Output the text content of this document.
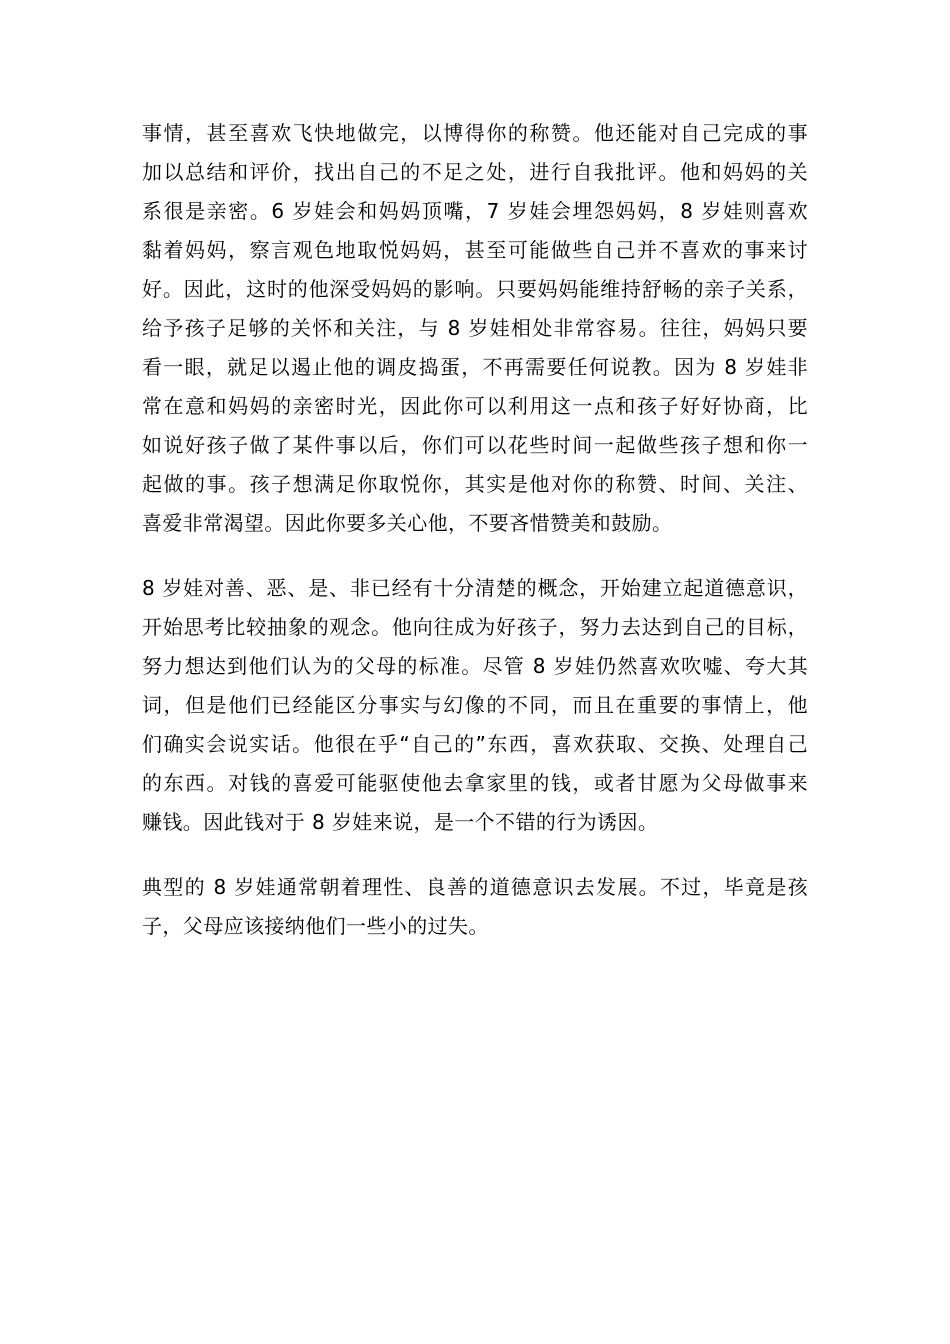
事情，甚至喜欢飞快地做完，以博得你的称赞。他还能对自己完成的事
加以总结和评价，找出自己的不足之处，进行自我批评。他和妈妈的关
系很是亲密。6 岁娃会和妈妈顶嘴，7 岁娃会埋怨妈妈，8 岁娃则喜欢
黏着妈妈，察言观色地取悦妈妈，甚至可能做些自己并不喜欢的事来讨
好。因此，这时的他深受妈妈的影响。只要妈妈能维持舒畅的亲子关系，
给予孩子足够的关怀和关注，与 8 岁娃相处非常容易。往往，妈妈只要
看一眼，就足以遏止他的调皮捣蛋，不再需要任何说教。因为 8 岁娃非
常在意和妈妈的亲密时光，因此你可以利用这一点和孩子好好协商，比
如说好孩子做了某件事以后，你们可以花些时间一起做些孩子想和你一
起做的事。孩子想满足你取悦你，其实是他对你的称赞、时间、关注、
喜爱非常渴望。因此你要多关心他，不要吝惜赞美和鼓励。
8 岁娃对善、恶、是、非已经有十分清楚的概念，开始建立起道德意识，
开始思考比较抽象的观念。他向往成为好孩子，努力去达到自己的目标，
努力想达到他们认为的父母的标准。尽管 8 岁娃仍然喜欢吹嘘、夸大其
词，但是他们已经能区分事实与幻像的不同，而且在重要的事情上，他
们确实会说实话。他很在乎“自己的”东西，喜欢获取、交换、处理自己
的东西。对钱的喜爱可能驱使他去拿家里的钱，或者甘愿为父母做事来
赚钱。因此钱对于 8 岁娃来说，是一个不错的行为诱因。
典型的 8 岁娃通常朝着理性、良善的道德意识去发展。不过，毕竟是孩
子，父母应该接纳他们一些小的过失。
